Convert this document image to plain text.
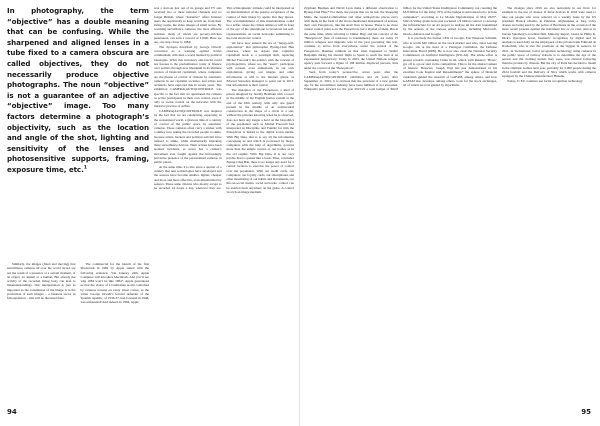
In photography, the term “objective” has a double meaning that can be confusing. While the sharpened and aligned lenses in a tube fixed to a camera obscura are called objectives, they do not necessarily produce objective photographs. The noun “objective” is not a guarantee of an adjective “objective” image. Too many factors determine a photograph’s objectivity, such as the location and angle of the shot, lighting and sensitivity of the lenses and photosensitive supports, framing, exposure time, etc.$^1$

Similarly, the images (fixed and moving) that surveillance cameras all over the world record are not the result of a presence or a certain moment, of an object, an animal or a human. But already the activity of the recorded living body can lead to misunderstandings. Our interpretation is just as important as the constitution of the image. It is the production of such images – a business sector in full expansion – that will be discussed here.

The commercial for the launch of the first Macintosh in 1984 by Apple ended with the following sentence: “On January 24th, Apple Computer will introduce Macintosh. And you’ll see why 1984 won’t be like 1984”. Apple guaranteed us that the vision of a totalitarian world controlled by cameras screens on every street corner, as the writer George Orwell’s fervent defender of the Spanish republic, of 1936-37, had foreseen in 1948, was unfounded! And indeed, in 1984, Apple

was a start-up just out of its garage and TV sets received two or three national channels and no longer British, where “Intrusive” offers Internet users the opportunity to keep watch on, from their living rooms, the video images of small stores. By watching surveillance cameras, the most efficient snitches, many of whom are poverty-stricken pensioners, can earn a reward of £1000. Here we are, one step closer to 1984!

The dystopia described by George Orwell, conceived as a warning against Soviet communism, criticized a world marked by political ideologies. What this inventory anti-fascist could not foresee is the predominance today of finance over politics through new liberalism in its ultimate version of financial capitalism, where computers are the means of control of citizens by automatic cameras in our capitalist societies, and artists and architects have explored this in recent years. The exhibition CAMERA(AUTO)CONTROLE was specific to the fact that we questioned the citizens as active participants in their own control, even if only as social control on the networks with the intrusive practice of selfies.

CAMERA(AUTO)CONTROLE was inspired by the fact that we are celebrating, especially in the westernized world, a glorious time of a century of control of the public space by automatic cameras. These cameras often carry a sticker with a smiley face asking the recorded people to smile, because artists, hackers and political activists have refused to smile, while momentarily hijacking these surveillance devices. Their actions have been isolated incidents, as never has a citizen’s movement ever fought against the increasingly pervasive presence of the personalized cameras in public places.

At the same time, it is also since a quarter of a century that new technologies have developed and the sensors have become smaller, lighter, cheaper and more and more effective, even miniaturized by sensors. These same citizens who mostly accept to be recorded 24 hours a day, wherever they are. This schizophrenic attitude could be interpreted as an internalization of the passive acceptance of the control of their image by agents that they ignore. The accomplishment of this internalization could be a selfie, where the citizen smiles or will in front of the eye of his smartphone to broadcast his self-representations on social networks, submitting to the total electronic control.

We have now entered the era of “happy-self-exploitation” that philosopher Byung-Chul Han observes, where he argues that cognitive capitalism leads to a paradigm shift, replacing Michel Foucault’s bio-politics with the concept of psychopolitics, where we, the “users”, participate with consent, even enthusiasm, in our own exploitation, giving our images and other information at will to the Internet giants, as Edward Snowden managed to point out in 2013. Our information is their capital.

The metaphor of the Panopticon, a kind of prison imagined by Jeremy Bentham with a tower in the middle of the English justice system at the end of the 18th century, with only one guard present in the middle of an architectural construction in the shape of a circle or a star, without the prisoner knowing when he is observed, does not have any longer a hold on the biopolitics of the population such as Michel Foucault had interpreted in Discipline and Punish: for him the Panopticon is linked to the digital social media. With Big Data, that is to say all the information concerning us and which is processed by mega-computers with the help of algorithms, governs more than the simple control of our bodies as in the old regime. With Big Data, it is our very psyche that is opened like a book. Thus, concludes Byung-Chul Han, there is no longer any need for a central location to exercise the power of control over the population. With our credit cards, our computers, our loyalty cards, our smartphones and other monitoring of our habits and movements, our life-on-social media, social networks, control can be exerted from anywhere on the globe. A control via rich an image medium.

94

Zygmunt Bauman and David Lyon make a different observation to Byung-Chul Han:* For them, the people that we let into the Shopping Malls, the Grand-Commodities and other semi-private places carry with them, in the form of the above-mentioned instruments of seizure, their own Panopticon, like the snail lives in house. There is no more central control point as in the Panopticon, but a myriad of them. But at the same time, while referring to Didier Bigo and his concept of the “Banopticon” (ban of reference to banishment), there are today 15 million refugees and migrants who in the year preceding this text, continue to arrive from everywhere, under the control of the Panopticon. Bauman reminds us that what happened to Walter Benjamin during his aborted flight to Spain to reach the land of an exponential bureaucracy. Today in 2023, the United Nations refugee agency puts forward a figure of 108 million displaced persons, thus under the control of the “Banopticon”.

Seen from today’s perspective, seven years after the CAMERA(AUTO)CONTROLE exhibition and 22 years after September 11, 2001, it is obvious that the prescient of a new golden age for the surveillance industry have been fulfilled, if not exceeded. Wikipedia puts forward for the year 2021/22 a total budget of $62.8 billion for the United States Intelligence Community, not counting the $3.8 billion for the army, 70% of the budget is subcontracted to private companies*, according to Le Monde Diplomatique of May 2023*, Silicon Valley giants have just pocketed a 9 billion contract to develop the infrastructure for an AI project to analyse all the data transmitted by the sensors of the various armed forces, including Microsoft, Oracle, Amazon and Google.

It is precisely the former CEO of Google, Eric Emerson Schmidt, who is worth $20 billion on the stock market and who, since leaving Google, sits at the head of a Pentagon committee, the Defense Innovation Board (DIB). He is now also chair the National Security Commission on Artificial Intelligence (NSCAI). The whole effort is geared towards overtaking China in AI, which with Russia’s ‘Brave’ got off to a poor start in the competition. This is for the abstract sphere of finance. However, Joseph Vogl has just demonstrated in his excellent book Kapital und Ressentiments* the sphere of financial capitalism guided the research of GAFAM, among others, and how GAFAM also develops, among others, tools for the stock exchanges, all of which are now guided by algorithms.

The changes since 2016 are also noticeable in our lives: for example in the use of drones. If these devices in 2016 were used to take out people who were selected on a weekly basis by the US president Barack Obama, in Pakistan, Afghanistan or Iraq, today drones are being used by the police of Bordeaux on the occasion of the more recent protests against the retirement law or on vans. And as in Steven Spielberg’s excellent film, Minority Report, based on Philip K. Dick’s dystopian novel, biometric recognition by digital and its analysis is used daily on the employees of the private bank Edmond de Rothschild, who is also the promoter of the biggest in Geneva, In 2021, in Switzerland, facial recognition technology using cameras in the public space of railway stations is to determine the age of the person and the clothing brands they wear, was aborted following massive protests by citizens. But the city of Paris has decided to install in the Olympic Games next year, probably for 5,000 people during the 2024 football and the Delivery of Nice which works with cameras equipped by the Chinese manufacturer Hunabu.

Today, 11 EU countries use facial recognition technology

95
